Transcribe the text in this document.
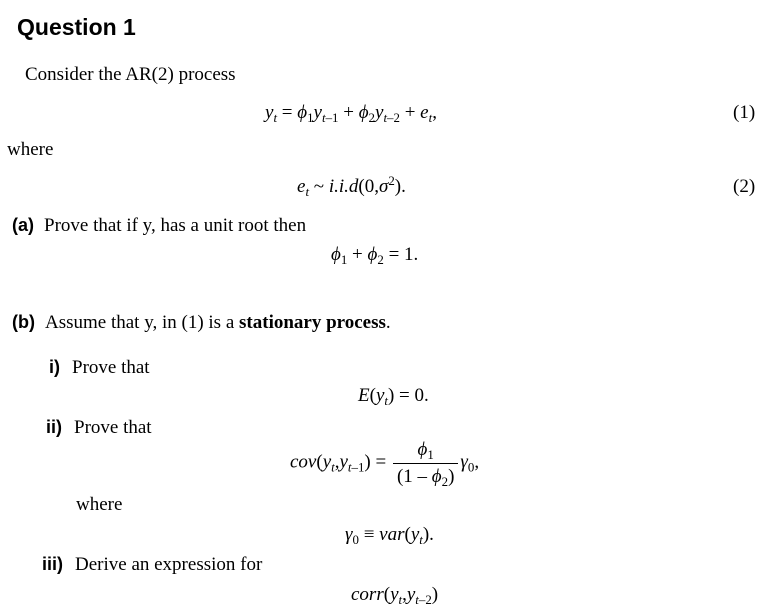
Question 1
Consider the AR(2) process
$y_t = \phi_1y_{t-1} + \phi_2y_{t-2} + e_t$,	(1)
where
$e_t$ ~ $i.i.d(0,\sigma^2)$.	(2)
(a) Prove that if y, has a unit root then
$\phi_1 + \phi_2 = 1$.
(b) Assume that y, in (1) is a stationary process.
i) Prove that
$E(y_t) = 0$.
ii) Prove that
$cov(y_t,y_{t-1}) = \frac{\phi_1}{(1 - \phi_2)} \gamma_0$,
where
$\gamma_0 \equiv var(y_t)$.
iii) Derive an expression for
$corr(y_t,y_{t-2})$
